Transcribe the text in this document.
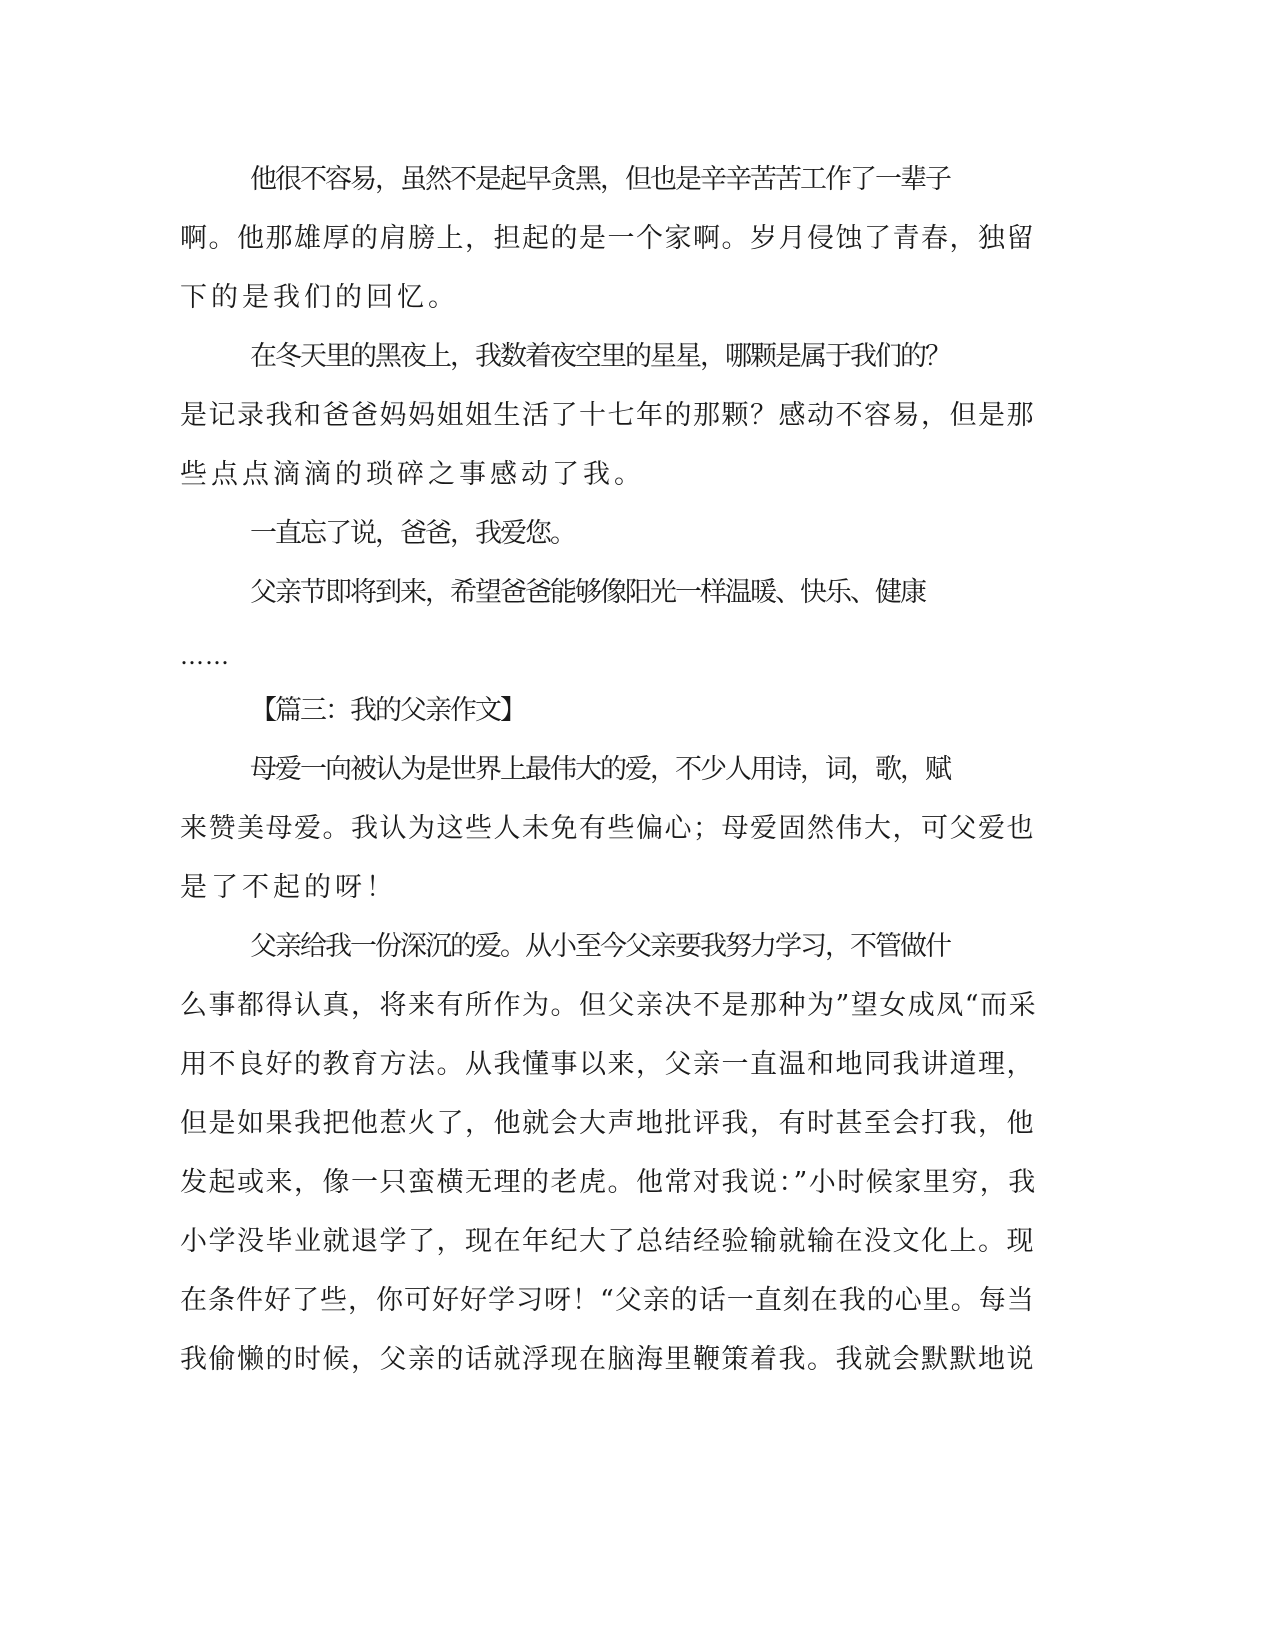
他很不容易，虽然不是起早贪黑，但也是辛辛苦苦工作了一辈子
啊。他那雄厚的肩膀上，担起的是一个家啊。岁月侵蚀了青春，独留
下的是我们的回忆。
在冬天里的黑夜上，我数着夜空里的星星，哪颗是属于我们的？
是记录我和爸爸妈妈姐姐生活了十七年的那颗？感动不容易，但是那
些点点滴滴的琐碎之事感动了我。
一直忘了说，爸爸，我爱您。
父亲节即将到来，希望爸爸能够像阳光一样温暖、快乐、健康
……
【篇三：我的父亲作文】
母爱一向被认为是世界上最伟大的爱，不少人用诗，词，歌，赋
来赞美母爱。我认为这些人未免有些偏心；母爱固然伟大，可父爱也
是了不起的呀！
父亲给我一份深沉的爱。从小至今父亲要我努力学习，不管做什
么事都得认真，将来有所作为。但父亲决不是那种为”望女成凤“而采
用不良好的教育方法。从我懂事以来，父亲一直温和地同我讲道理，
但是如果我把他惹火了，他就会大声地批评我，有时甚至会打我，他
发起或来，像一只蛮横无理的老虎。他常对我说：”小时候家里穷，我
小学没毕业就退学了，现在年纪大了总结经验输就输在没文化上。现
在条件好了些，你可好好学习呀！“父亲的话一直刻在我的心里。每当
我偷懒的时候，父亲的话就浮现在脑海里鞭策着我。我就会默默地说
